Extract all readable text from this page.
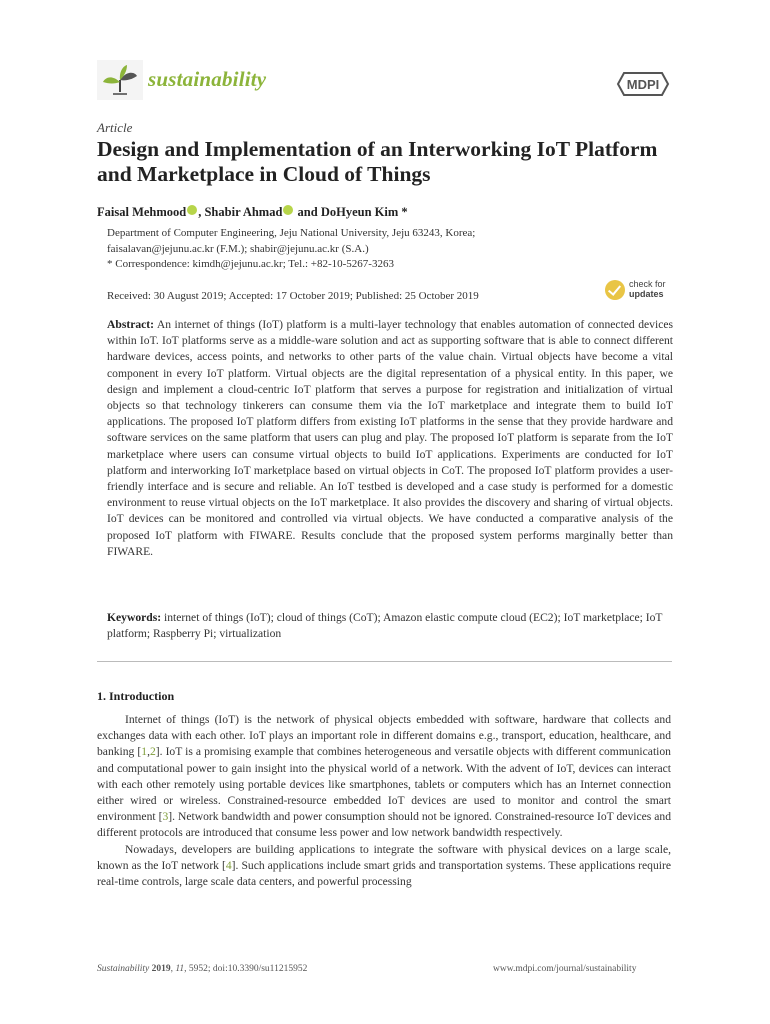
sustainability	MDPI
Article
Design and Implementation of an Interworking IoT Platform and Marketplace in Cloud of Things
Faisal Mehmood , Shabir Ahmad and DoHyeun Kim *
Department of Computer Engineering, Jeju National University, Jeju 63243, Korea;
faisalavan@jejunu.ac.kr (F.M.); shabir@jejunu.ac.kr (S.A.)
* Correspondence: kimdh@jejunu.ac.kr; Tel.: +82-10-5267-3263
Received: 30 August 2019; Accepted: 17 October 2019; Published: 25 October 2019
check for
updates
Abstract: An internet of things (IoT) platform is a multi-layer technology that enables automation of connected devices within IoT. IoT platforms serve as a middle-ware solution and act as supporting software that is able to connect different hardware devices, access points, and networks to other parts of the value chain. Virtual objects have become a vital component in every IoT platform. Virtual objects are the digital representation of a physical entity. In this paper, we design and implement a cloud-centric IoT platform that serves a purpose for registration and initialization of virtual objects so that technology tinkerers can consume them via the IoT marketplace and integrate them to build IoT applications. The proposed IoT platform differs from existing IoT platforms in the sense that they provide hardware and software services on the same platform that users can plug and play. The proposed IoT platform is separate from the IoT marketplace where users can consume virtual objects to build IoT applications. Experiments are conducted for IoT platform and interworking IoT marketplace based on virtual objects in CoT. The proposed IoT platform provides a user-friendly interface and is secure and reliable. An IoT testbed is developed and a case study is performed for a domestic environment to reuse virtual objects on the IoT marketplace. It also provides the discovery and sharing of virtual objects. IoT devices can be monitored and controlled via virtual objects. We have conducted a comparative analysis of the proposed IoT platform with FIWARE. Results conclude that the proposed system performs marginally better than FIWARE.
Keywords: internet of things (IoT); cloud of things (CoT); Amazon elastic compute cloud (EC2); IoT marketplace; IoT platform; Raspberry Pi; virtualization
1. Introduction

Internet of things (IoT) is the network of physical objects embedded with software, hardware that collects and exchanges data with each other. IoT plays an important role in different domains e.g., transport, education, healthcare, and banking [1,2]. IoT is a promising example that combines heterogeneous and versatile objects with different communication and computational power to gain insight into the physical world of a network. With the advent of IoT, devices can interact with each other remotely using portable devices like smartphones, tablets or computers which has an Internet connection either wired or wireless. Constrained-resource embedded IoT devices are used to monitor and control the smart environment [3]. Network bandwidth and power consumption should not be ignored. Constrained-resource IoT devices and different protocols are introduced that consume less power and low network bandwidth respectively.

Nowadays, developers are building applications to integrate the software with physical devices on a large scale, known as the IoT network [4]. Such applications include smart grids and transportation systems. These applications require real-time controls, large scale data centers, and powerful processing

Sustainability 2019, 11, 5952; doi:10.3390/su11215952	www.mdpi.com/journal/sustainability
